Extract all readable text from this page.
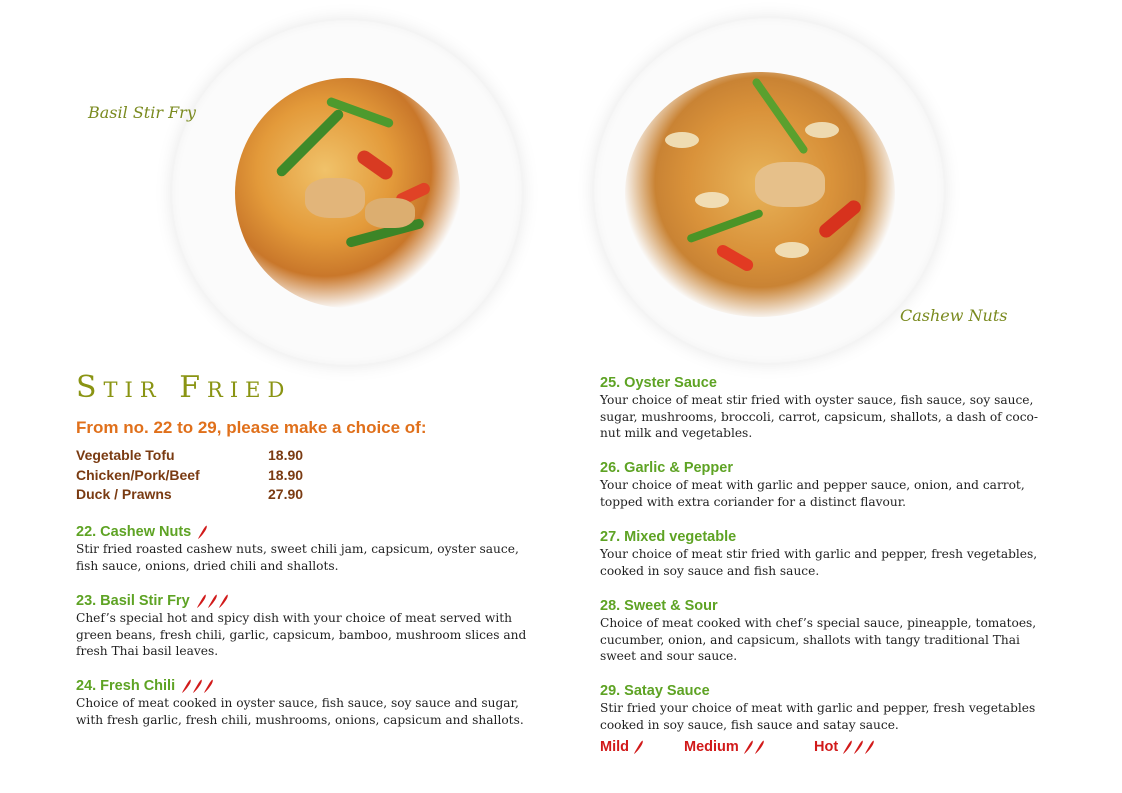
Basil Stir Fry
Cashew Nuts
Stir Fried
From no. 22 to 29, please make a choice of:
Vegetable Tofu	18.90
Chicken/Pork/Beef	18.90
Duck / Prawns	27.90
22. Cashew Nuts
Stir fried roasted cashew nuts, sweet chili jam, capsicum, oyster sauce, fish sauce, onions, dried chili and shallots.
23. Basil Stir Fry
Chef’s special hot and spicy dish with your choice of meat served with green beans, fresh chili, garlic, capsicum, bamboo, mushroom slices and fresh Thai basil leaves.
24. Fresh Chili
Choice of meat cooked in oyster sauce, fish sauce, soy sauce and sugar, with fresh garlic, fresh chili, mushrooms, onions, capsicum and shallots.
25. Oyster Sauce
Your choice of meat stir fried with oyster sauce, fish sauce, soy sauce, sugar, mushrooms, broccoli, carrot, capsicum, shallots, a dash of coco-nut milk and vegetables.
26. Garlic & Pepper
Your choice of meat with garlic and pepper sauce, onion, and carrot, topped with extra coriander for a distinct flavour.
27. Mixed vegetable
Your choice of meat stir fried with garlic and pepper, fresh vegetables, cooked in soy sauce and fish sauce.
28. Sweet & Sour
Choice of meat cooked with chef’s special sauce, pineapple, tomatoes, cucumber, onion, and capsicum, shallots with tangy traditional Thai sweet and sour sauce.
29. Satay Sauce
Stir fried your choice of meat with garlic and pepper, fresh vegetables cooked in soy sauce, fish sauce and satay sauce.
Mild	Medium	Hot
